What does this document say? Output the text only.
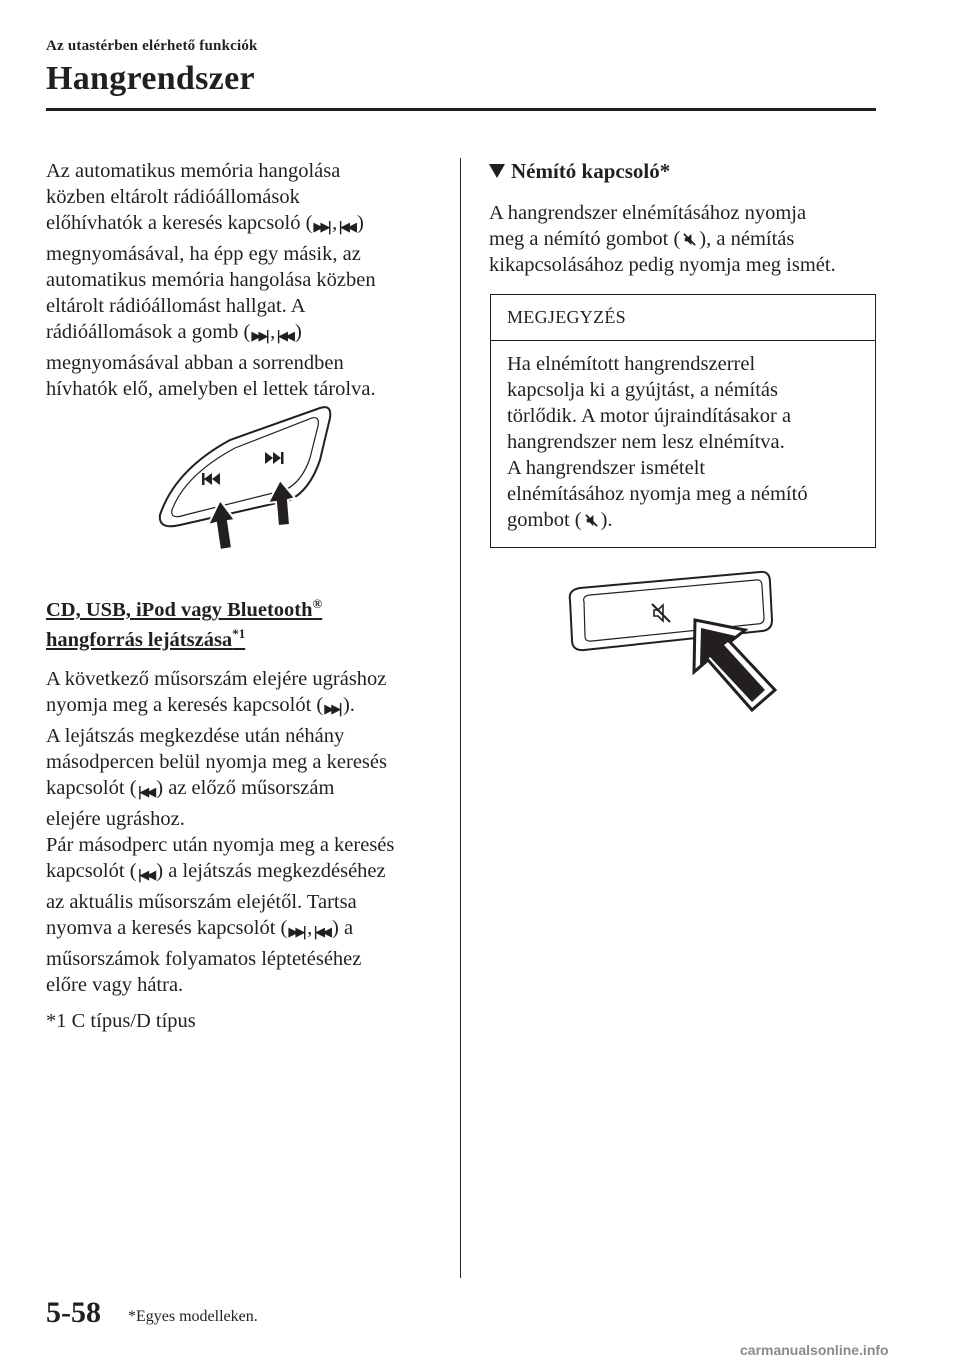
Az utastérben elérhető funkciók
Hangrendszer

Az automatikus memória hangolása
közben eltárolt rádióállomások
előhívhatók a keresés kapcsoló (▶▶| ,|◀◀ )
megnyomásával, ha épp egy másik, az
automatikus memória hangolása közben
eltárolt rádióállomást hallgat. A
rádióállomások a gomb (▶▶| ,|◀◀ )
megnyomásával abban a sorrendben
hívhatók elő, amelyben el lettek tárolva.

CD, USB, iPod vagy Bluetooth®
hangforrás lejátszása$^{*1}$

A következő műsorszám elejére ugráshoz
nyomja meg a keresés kapcsolót (▶▶| ).
A lejátszás megkezdése után néhány
másodpercen belül nyomja meg a keresés
kapcsolót (|◀◀ ) az előző műsorszám
elejére ugráshoz.
Pár másodperc után nyomja meg a keresés
kapcsolót (|◀◀ ) a lejátszás megkezdéséhez
az aktuális műsorszám elejétől. Tartsa
nyomva a keresés kapcsolót (▶▶| ,|◀◀ ) a
műsorszámok folyamatos léptetéséhez
előre vagy hátra.

*1 C típus/D típus

Némító kapcsoló*

A hangrendszer elnémításához nyomja
meg a némító gombot ( ), a némítás
kikapcsolásához pedig nyomja meg ismét.

MEGJEGYZÉS
Ha elnémított hangrendszerrel
kapcsolja ki a gyújtást, a némítás
törlődik. A motor újraindításakor a
hangrendszer nem lesz elnémítva.
A hangrendszer ismételt
elnémításához nyomja meg a némító
gombot ( ).
5-58 *Egyes modelleken.
carmanualsonline.info
